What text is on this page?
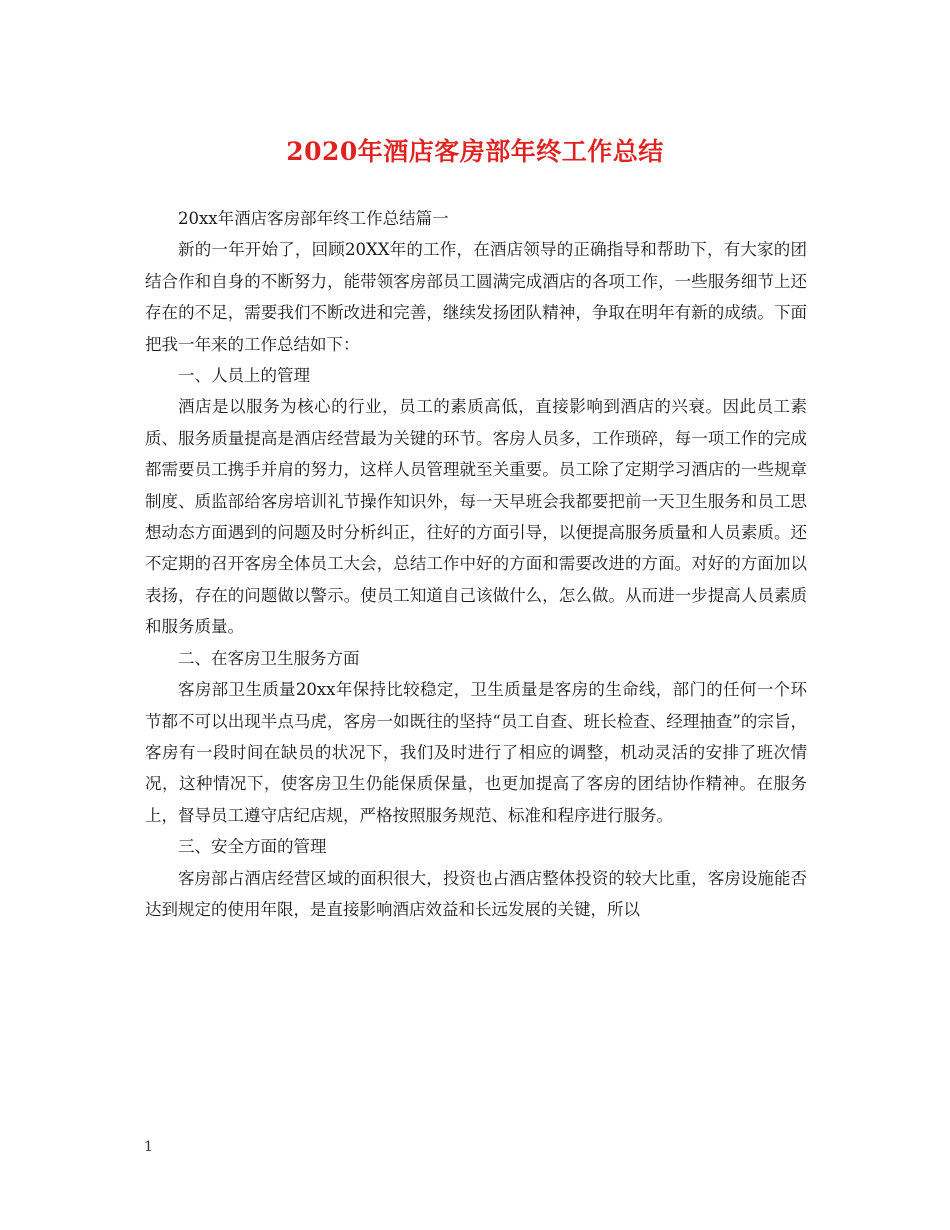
2020年酒店客房部年终工作总结

20xx年酒店客房部年终工作总结篇一

新的一年开始了，回顾20XX年的工作，在酒店领导的正确指导和帮助下，有大家的团结合作和自身的不断努力，能带领客房部员工圆满完成酒店的各项工作，一些服务细节上还存在的不足，需要我们不断改进和完善，继续发扬团队精神，争取在明年有新的成绩。下面把我一年来的工作总结如下：

一、人员上的管理

酒店是以服务为核心的行业，员工的素质高低，直接影响到酒店的兴衰。因此员工素质、服务质量提高是酒店经营最为关键的环节。客房人员多，工作琐碎，每一项工作的完成都需要员工携手并肩的努力，这样人员管理就至关重要。员工除了定期学习酒店的一些规章制度、质监部给客房培训礼节操作知识外，每一天早班会我都要把前一天卫生服务和员工思想动态方面遇到的问题及时分析纠正，往好的方面引导，以便提高服务质量和人员素质。还不定期的召开客房全体员工大会，总结工作中好的方面和需要改进的方面。对好的方面加以表扬，存在的问题做以警示。使员工知道自己该做什么，怎么做。从而进一步提高人员素质和服务质量。

二、在客房卫生服务方面

客房部卫生质量20xx年保持比较稳定，卫生质量是客房的生命线，部门的任何一个环节都不可以出现半点马虎，客房一如既往的坚持“员工自查、班长检查、经理抽查”的宗旨，客房有一段时间在缺员的状况下，我们及时进行了相应的调整，机动灵活的安排了班次情况，这种情况下，使客房卫生仍能保质保量，也更加提高了客房的团结协作精神。在服务上，督导员工遵守店纪店规，严格按照服务规范、标准和程序进行服务。

三、安全方面的管理

客房部占酒店经营区域的面积很大，投资也占酒店整体投资的较大比重，客房设施能否达到规定的使用年限，是直接影响酒店效益和长远发展的关键，所以

1
